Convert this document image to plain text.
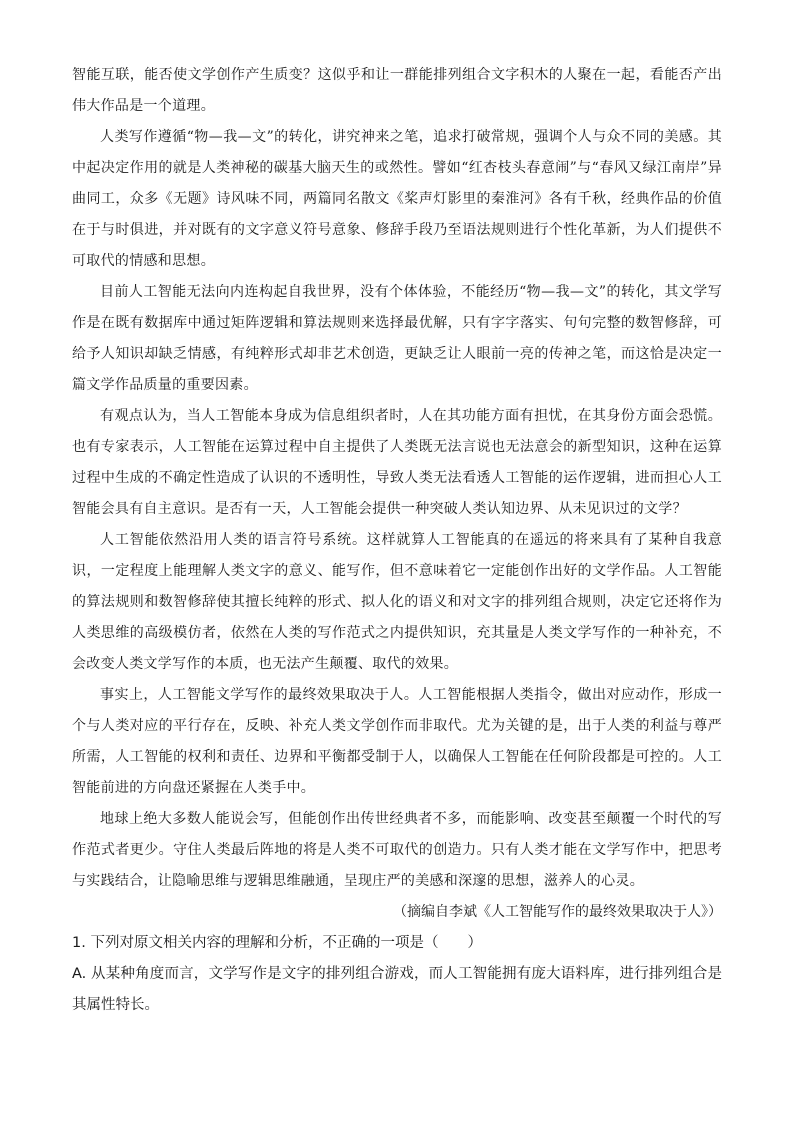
智能互联，能否使文学创作产生质变？这似乎和让一群能排列组合文字积木的人聚在一起，看能否产出伟大作品是一个道理。

人类写作遵循“物—我—文”的转化，讲究神来之笔，追求打破常规，强调个人与众不同的美感。其中起决定作用的就是人类神秘的碳基大脑天生的或然性。譬如“红杏枝头春意闹”与“春风又绿江南岸”异曲同工，众多《无题》诗风味不同，两篇同名散文《桨声灯影里的秦淮河》各有千秋，经典作品的价值在于与时俱进，并对既有的文字意义符号意象、修辞手段乃至语法规则进行个性化革新，为人们提供不可取代的情感和思想。

目前人工智能无法向内连构起自我世界，没有个体体验，不能经历“物—我—文”的转化，其文学写作是在既有数据库中通过矩阵逻辑和算法规则来选择最优解，只有字字落实、句句完整的数智修辞，可给予人知识却缺乏情感，有纯粹形式却非艺术创造，更缺乏让人眼前一亮的传神之笔，而这恰是决定一篇文学作品质量的重要因素。

有观点认为，当人工智能本身成为信息组织者时，人在其功能方面有担忧，在其身份方面会恐慌。也有专家表示，人工智能在运算过程中自主提供了人类既无法言说也无法意会的新型知识，这种在运算过程中生成的不确定性造成了认识的不透明性，导致人类无法看透人工智能的运作逻辑，进而担心人工智能会具有自主意识。是否有一天，人工智能会提供一种突破人类认知边界、从未见识过的文学？

人工智能依然沿用人类的语言符号系统。这样就算人工智能真的在遥远的将来具有了某种自我意识，一定程度上能理解人类文字的意义、能写作，但不意味着它一定能创作出好的文学作品。人工智能的算法规则和数智修辞使其擅长纯粹的形式、拟人化的语义和对文字的排列组合规则，决定它还将作为人类思维的高级模仿者，依然在人类的写作范式之内提供知识，充其量是人类文学写作的一种补充，不会改变人类文学写作的本质，也无法产生颠覆、取代的效果。

事实上，人工智能文学写作的最终效果取决于人。人工智能根据人类指令，做出对应动作，形成一个与人类对应的平行存在，反映、补充人类文学创作而非取代。尤为关键的是，出于人类的利益与尊严所需，人工智能的权利和责任、边界和平衡都受制于人，以确保人工智能在任何阶段都是可控的。人工智能前进的方向盘还紧握在人类手中。

地球上绝大多数人能说会写，但能创作出传世经典者不多，而能影响、改变甚至颠覆一个时代的写作范式者更少。守住人类最后阵地的将是人类不可取代的创造力。只有人类才能在文学写作中，把思考与实践结合，让隐喻思维与逻辑思维融通，呈现庄严的美感和深邃的思想，滋养人的心灵。

（摘编自李斌《人工智能写作的最终效果取决于人》）

1. 下列对原文相关内容的理解和分析，不正确的一项是（　　）

A. 从某种角度而言，文学写作是文字的排列组合游戏，而人工智能拥有庞大语料库，进行排列组合是其属性特长。
